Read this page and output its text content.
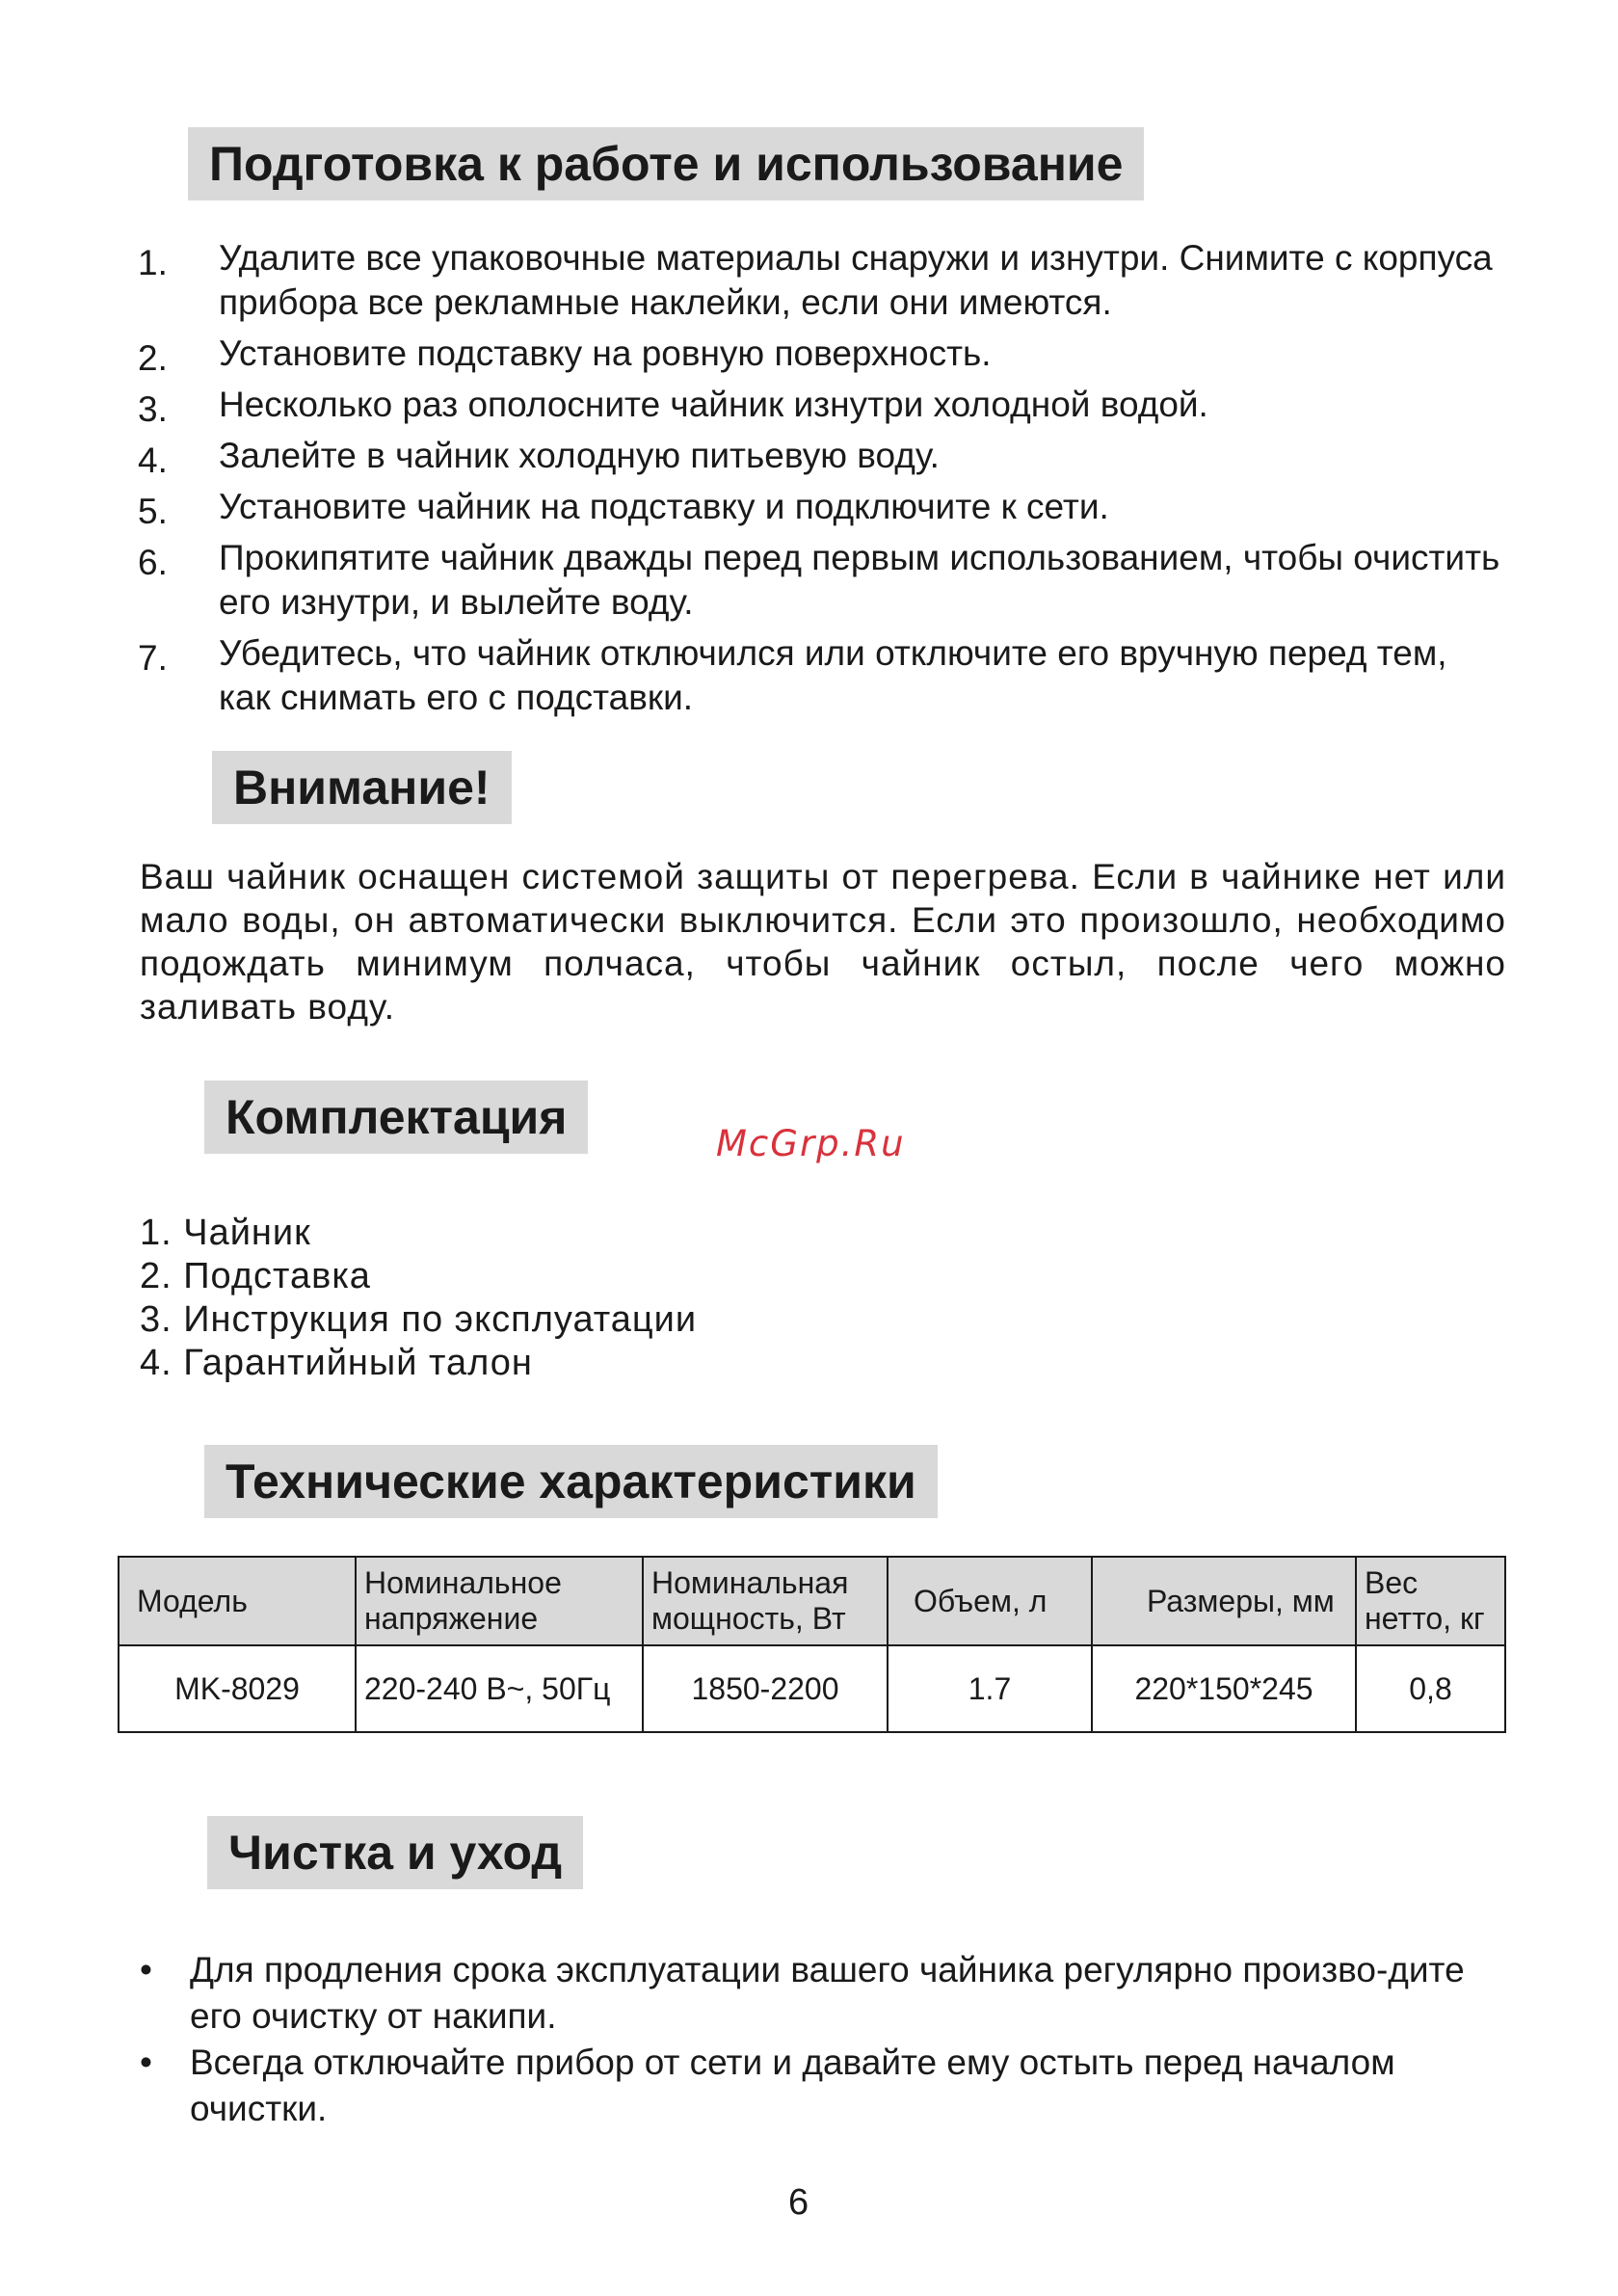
Подготовка к работе и использование
1. Удалите все упаковочные материалы снаружи и изнутри. Снимите с корпуса прибора все рекламные наклейки, если они имеются.
2. Установите подставку на ровную поверхность.
3. Несколько раз ополосните чайник изнутри холодной водой.
4. Залейте в чайник холодную питьевую воду.
5. Установите чайник на подставку и подключите к сети.
6. Прокипятите чайник дважды перед первым использованием, чтобы очистить его изнутри, и вылейте воду.
7. Убедитесь, что чайник отключился или отключите его вручную перед тем, как снимать его с подставки.
Внимание!

Ваш чайник оснащен системой защиты от перегрева. Если в чайнике нет или мало воды, он автоматически выключится. Если это произошло, необходимо подождать минимум полчаса, чтобы чайник остыл, после чего можно заливать воду.

Комплектация	McGrp.Ru
1. Чайник
2. Подставка
3. Инструкция по эксплуатации
4. Гарантийный талон
Технические характеристики
Модель	Номинальное напряжение	Номинальная мощность, Вт	Объем, л	Размеры, мм	Вес нетто, кг
MK-8029	220-240 В~, 50Гц	1850-2200	1.7	220*150*245	0,8
Чистка и уход
• Для продления срока эксплуатации вашего чайника регулярно произво-дите его очистку от накипи.
• Всегда отключайте прибор от сети и давайте ему остыть перед началом очистки.
6
